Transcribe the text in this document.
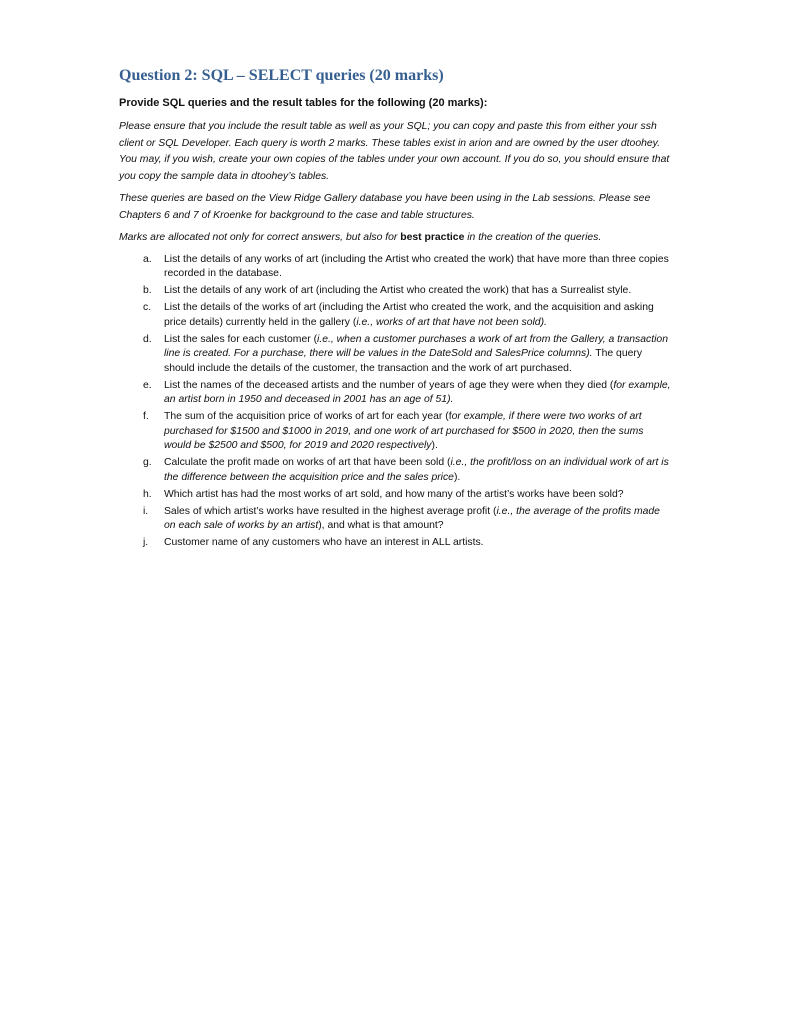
Question 2: SQL – SELECT queries (20 marks)

Provide SQL queries and the result tables for the following (20 marks):

Please ensure that you include the result table as well as your SQL; you can copy and paste this from either your ssh client or SQL Developer. Each query is worth 2 marks. These tables exist in arion and are owned by the user dtoohey. You may, if you wish, create your own copies of the tables under your own account. If you do so, you should ensure that you copy the sample data in dtoohey’s tables.

These queries are based on the View Ridge Gallery database you have been using in the Lab sessions. Please see Chapters 6 and 7 of Kroenke for background to the case and table structures.

Marks are allocated not only for correct answers, but also for best practice in the creation of the queries.

a. List the details of any works of art (including the Artist who created the work) that have more than three copies recorded in the database.
b. List the details of any work of art (including the Artist who created the work) that has a Surrealist style.
c. List the details of the works of art (including the Artist who created the work, and the acquisition and asking price details) currently held in the gallery (i.e., works of art that have not been sold).
d. List the sales for each customer (i.e., when a customer purchases a work of art from the Gallery, a transaction line is created. For a purchase, there will be values in the DateSold and SalesPrice columns). The query should include the details of the customer, the transaction and the work of art purchased.
e. List the names of the deceased artists and the number of years of age they were when they died (for example, an artist born in 1950 and deceased in 2001 has an age of 51).
f. The sum of the acquisition price of works of art for each year (for example, if there were two works of art purchased for $1500 and $1000 in 2019, and one work of art purchased for $500 in 2020, then the sums would be $2500 and $500, for 2019 and 2020 respectively).
g. Calculate the profit made on works of art that have been sold (i.e., the profit/loss on an individual work of art is the difference between the acquisition price and the sales price).
h. Which artist has had the most works of art sold, and how many of the artist’s works have been sold?
i. Sales of which artist’s works have resulted in the highest average profit (i.e., the average of the profits made on each sale of works by an artist), and what is that amount?
j. Customer name of any customers who have an interest in ALL artists.
